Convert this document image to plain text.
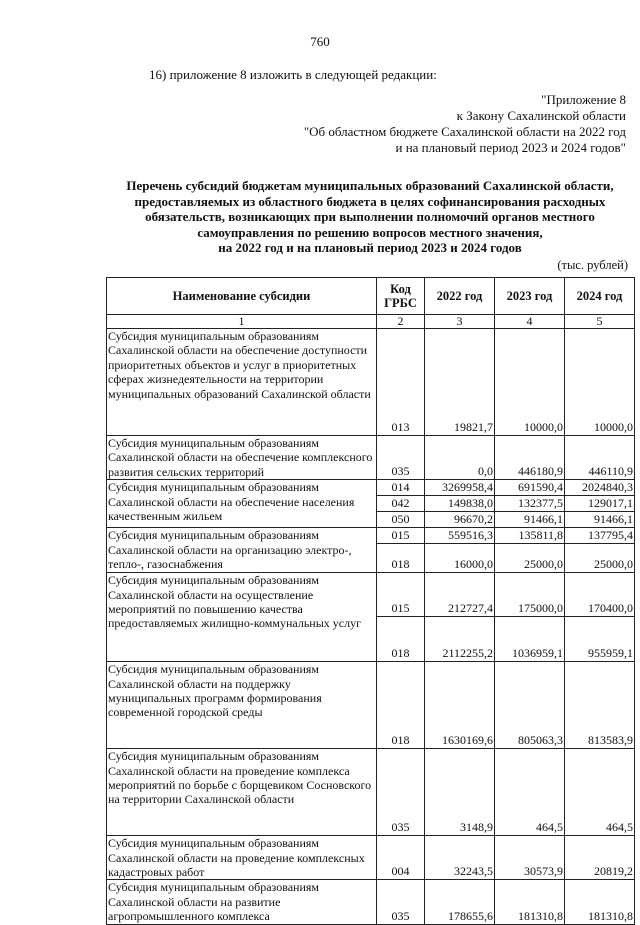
760
16) приложение 8 изложить в следующей редакции:
"Приложение 8
к Закону Сахалинской области
"Об областном бюджете Сахалинской области на 2022 год
и на плановый период 2023 и 2024 годов"
Перечень субсидий бюджетам муниципальных образований Сахалинской области,
предоставляемых из областного бюджета в целях софинансирования расходных
обязательств, возникающих при выполнении полномочий органов местного
самоуправления по решению вопросов местного значения,
на 2022 год и на плановый период 2023 и 2024 годов
(тыс. рублей)
Наименование субсидии	Код ГРБС	2022 год	2023 год	2024 год
1	2	3	4	5
Субсидия муниципальным образованиям Сахалинской области на обеспечение доступности приоритетных объектов и услуг в приоритетных сферах жизнедеятельности на территории муниципальных образований Сахалинской области	013	19821,7	10000,0	10000,0
Субсидия муниципальным образованиям Сахалинской области на обеспечение комплексного развития сельских территорий	035	0,0	446180,9	446110,9
Субсидия муниципальным образованиям Сахалинской области на обеспечение населения качественным жильем	014	3269958,4	691590,4	2024840,3
	042	149838,0	132377,5	129017,1
	050	96670,2	91466,1	91466,1
Субсидия муниципальным образованиям Сахалинской области на организацию электро-, тепло-, газоснабжения	015	559516,3	135811,8	137795,4
	018	16000,0	25000,0	25000,0
Субсидия муниципальным образованиям Сахалинской области на осуществление мероприятий по повышению качества предоставляемых жилищно-коммунальных услуг	015	212727,4	175000,0	170400,0
	018	2112255,2	1036959,1	955959,1
Субсидия муниципальным образованиям Сахалинской области на поддержку муниципальных программ формирования современной городской среды	018	1630169,6	805063,3	813583,9
Субсидия муниципальным образованиям Сахалинской области на проведение комплекса мероприятий по борьбе с борщевиком Сосновского на территории Сахалинской области	035	3148,9	464,5	464,5
Субсидия муниципальным образованиям Сахалинской области на проведение комплексных кадастровых работ	004	32243,5	30573,9	20819,2
Субсидия муниципальным образованиям Сахалинской области на развитие агропромышленного комплекса	035	178655,6	181310,8	181310,8
